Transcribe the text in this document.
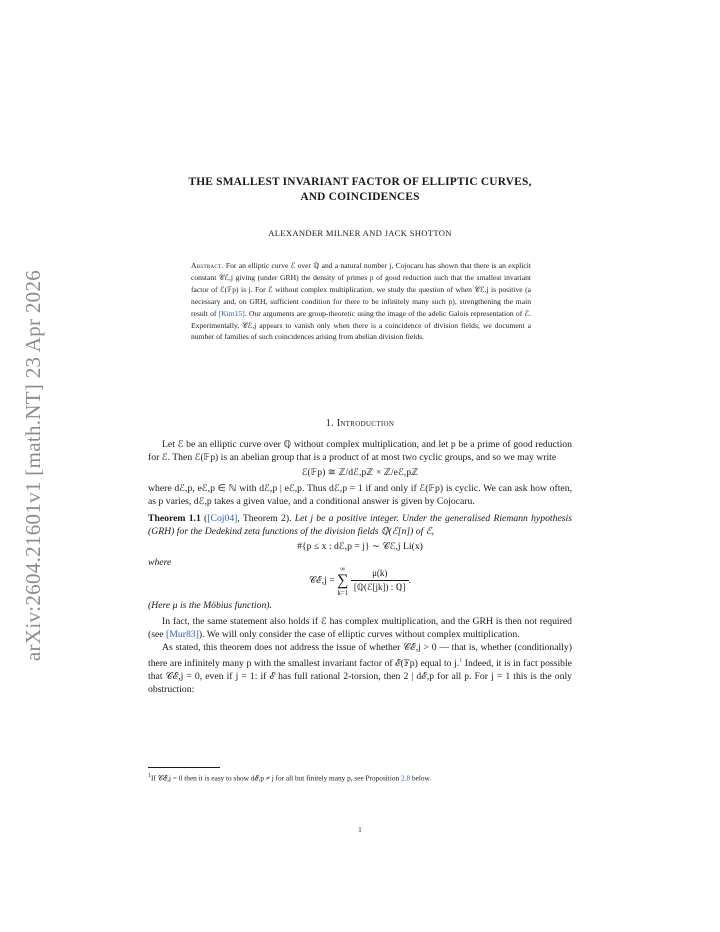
arXiv:2604.21601v1 [math.NT] 23 Apr 2026
THE SMALLEST INVARIANT FACTOR OF ELLIPTIC CURVES,
AND COINCIDENCES
ALEXANDER MILNER AND JACK SHOTTON
Abstract. For an elliptic curve ℰ over ℚ and a natural number j, Cojocaru has shown that there is an explicit constant 𝒞ℰ,j giving (under GRH) the density of primes p of good reduction such that the smallest invariant factor of ℰ(𝔽p) is j. For ℰ without complex multiplication, we study the question of when 𝒞ℰ,j is positive (a necessary and, on GRH, sufficient condition for there to be infinitely many such p), strengthening the main result of [Kim15]. Our arguments are group-theoretic using the image of the adelic Galois representation of ℰ. Experimentally, 𝒞ℰ,j appears to vanish only when there is a coincidence of division fields; we document a number of families of such coincidences arising from abelian division fields.
1. Introduction

Let ℰ be an elliptic curve over ℚ without complex multiplication, and let p be a prime of good reduction for ℰ. Then ℰ(𝔽p) is an abelian group that is a product of at most two cyclic groups, and so we may write

ℰ(𝔽p) ≅ ℤ/dℰ,pℤ × ℤ/eℰ,pℤ

where dℰ,p, eℰ,p ∈ ℕ with dℰ,p | eℰ,p. Thus dℰ,p = 1 if and only if ℰ(𝔽p) is cyclic. We can ask how often, as p varies, dℰ,p takes a given value, and a conditional answer is given by Cojocaru.

Theorem 1.1 ([Coj04], Theorem 2). Let j be a positive integer. Under the generalised Riemann hypothesis (GRH) for the Dedekind zeta functions of the division fields ℚ(ℰ[n]) of ℰ,

#{p ≤ x : dℰ,p = j} ∼ 𝒞ℰ,j Li(x)

where

𝒞ℰ,j = ∞
∑
$k=1 \frac{\mu(k)}{\text{[ℚ(ℰ[jk]) : ℚ]}}$ .

(Here μ is the Möbius function).

In fact, the same statement also holds if ℰ has complex multiplication, and the GRH is then not required (see [Mur83]). We will only consider the case of elliptic curves without complex multiplication.

As stated, this theorem does not address the issue of whether 𝒞ℰ,j > 0 — that is, whether (conditionally) there are infinitely many p with the smallest invariant factor of ℰ(𝔽p) equal to j.$^1$ Indeed, it is in fact possible that 𝒞ℰ,j = 0, even if j = 1: if ℰ has full rational 2-torsion, then 2 | dℰ,p for all p. For j = 1 this is the only obstruction:

$^1$If 𝒞ℰ,j = 0 then it is easy to show dℰ,p ≠ j for all but finitely many p, see Proposition 2.8 below.
1
